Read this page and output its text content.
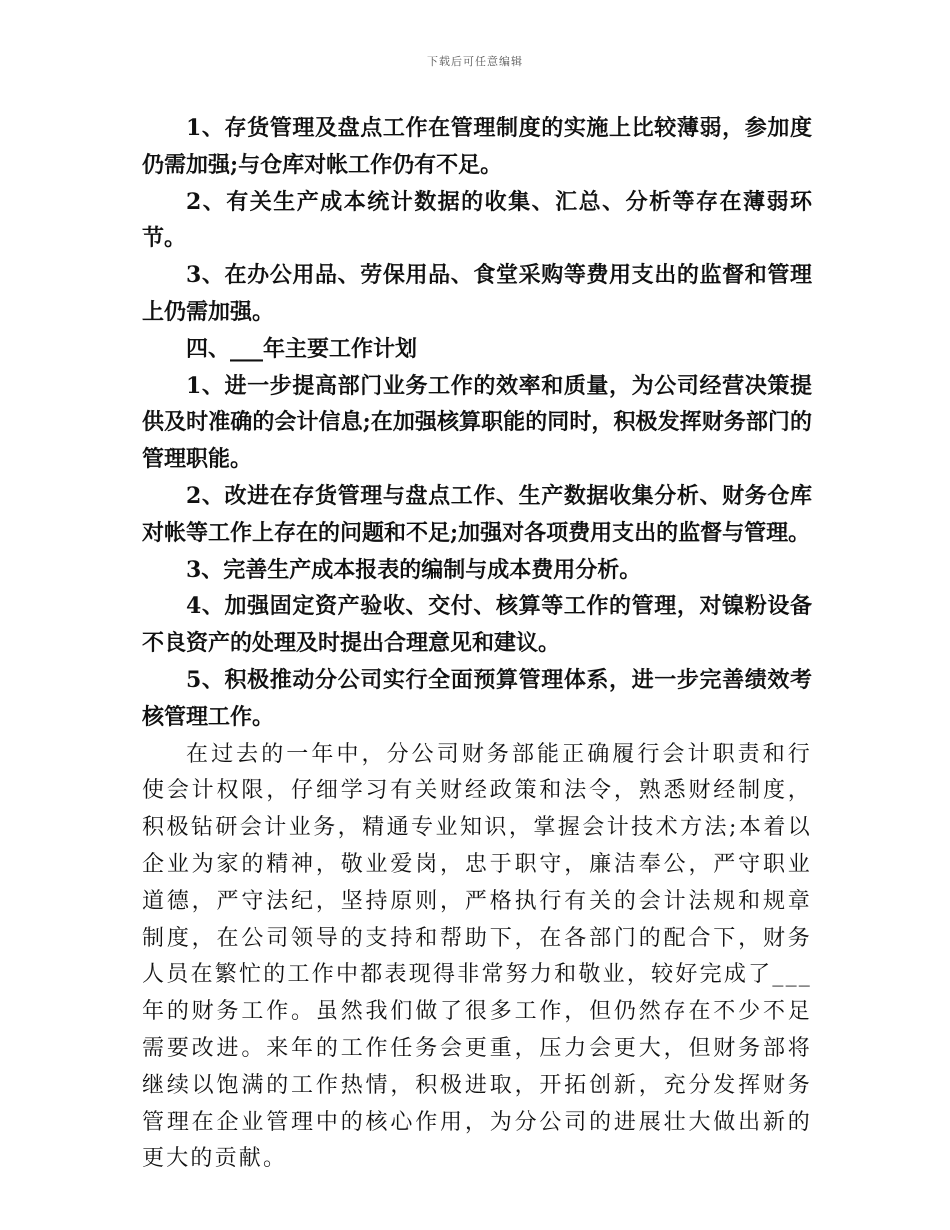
下载后可任意编辑

1、存货管理及盘点工作在管理制度的实施上比较薄弱，参加度仍需加强;与仓库对帐工作仍有不足。

2、有关生产成本统计数据的收集、汇总、分析等存在薄弱环节。

3、在办公用品、劳保用品、食堂采购等费用支出的监督和管理上仍需加强。

四、___年主要工作计划

1、进一步提高部门业务工作的效率和质量，为公司经营决策提供及时准确的会计信息;在加强核算职能的同时，积极发挥财务部门的管理职能。

2、改进在存货管理与盘点工作、生产数据收集分析、财务仓库对帐等工作上存在的问题和不足;加强对各项费用支出的监督与管理。

3、完善生产成本报表的编制与成本费用分析。

4、加强固定资产验收、交付、核算等工作的管理，对镍粉设备不良资产的处理及时提出合理意见和建议。

5、积极推动分公司实行全面预算管理体系，进一步完善绩效考核管理工作。

在过去的一年中，分公司财务部能正确履行会计职责和行使会计权限，仔细学习有关财经政策和法令，熟悉财经制度，积极钻研会计业务，精通专业知识，掌握会计技术方法;本着以企业为家的精神，敬业爱岗，忠于职守，廉洁奉公，严守职业道德，严守法纪，坚持原则，严格执行有关的会计法规和规章制度，在公司领导的支持和帮助下，在各部门的配合下，财务人员在繁忙的工作中都表现得非常努力和敬业，较好完成了___年的财务工作。虽然我们做了很多工作，但仍然存在不少不足需要改进。来年的工作任务会更重，压力会更大，但财务部将继续以饱满的工作热情，积极进取，开拓创新，充分发挥财务管理在企业管理中的核心作用，为分公司的进展壮大做出新的更大的贡献。
